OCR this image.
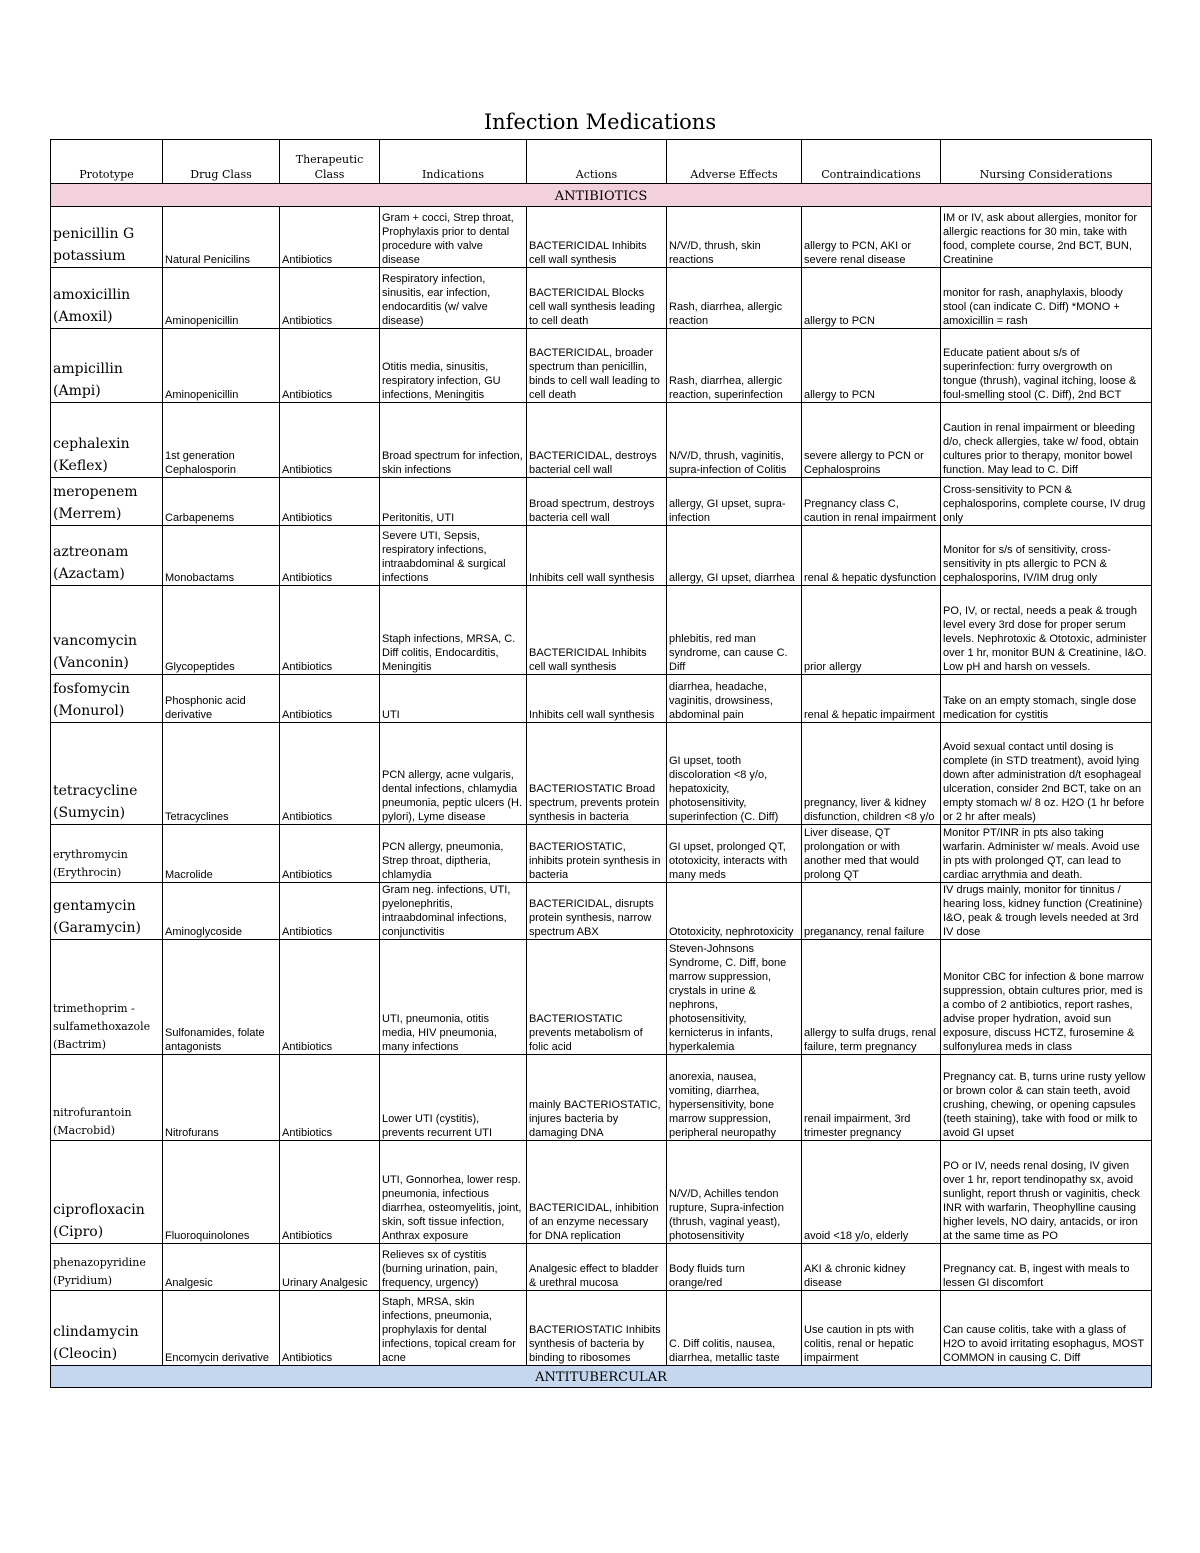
Infection Medications
Prototype	Drug Class	Therapeutic Class	Indications	Actions	Adverse Effects	Contraindications	Nursing Considerations
ANTIBIOTICS							
penicillin G potassium	Natural Penicilins	Antibiotics	Gram + cocci, Strep throat, Prophylaxis prior to dental procedure with valve disease	BACTERICIDAL Inhibits cell wall synthesis	N/V/D, thrush, skin reactions	allergy to PCN, AKI or severe renal disease	IM or IV, ask about allergies, monitor for allergic reactions for 30 min, take with food, complete course, 2nd BCT, BUN, Creatinine
amoxicillin (Amoxil)	Aminopenicillin	Antibiotics	Respiratory infection, sinusitis, ear infection, endocarditis (w/ valve disease)	BACTERICIDAL Blocks cell wall synthesis leading to cell death	Rash, diarrhea, allergic reaction	allergy to PCN	monitor for rash, anaphylaxis, bloody stool (can indicate C. Diff) *MONO + amoxicillin = rash
ampicillin (Ampi)	Aminopenicillin	Antibiotics	Otitis media, sinusitis, respiratory infection, GU infections, Meningitis	BACTERICIDAL, broader spectrum than penicillin, binds to cell wall leading to cell death	Rash, diarrhea, allergic reaction, superinfection	allergy to PCN	Educate patient about s/s of superinfection: furry overgrowth on tongue (thrush), vaginal itching, loose & foul-smelling stool (C. Diff), 2nd BCT
cephalexin (Keflex)	1st generation Cephalosporin	Antibiotics	Broad spectrum for infection, skin infections	BACTERICIDAL, destroys bacterial cell wall	N/V/D, thrush, vaginitis, supra-infection of Colitis	severe allergy to PCN or Cephalosproins	Caution in renal impairment or bleeding d/o, check allergies, take w/ food, obtain cultures prior to therapy, monitor bowel function. May lead to C. Diff
meropenem (Merrem)	Carbapenems	Antibiotics	Peritonitis, UTI	Broad spectrum, destroys bacteria cell wall	allergy, GI upset, supra-infection	Pregnancy class C, caution in renal impairment	Cross-sensitivity to PCN & cephalosporins, complete course, IV drug only
aztreonam (Azactam)	Monobactams	Antibiotics	Severe UTI, Sepsis, respiratory infections, intraabdominal & surgical infections	Inhibits cell wall synthesis	allergy, GI upset, diarrhea	renal & hepatic dysfunction	Monitor for s/s of sensitivity, cross-sensitivity in pts allergic to PCN & cephalosporins, IV/IM drug only
vancomycin (Vanconin)	Glycopeptides	Antibiotics	Staph infections, MRSA, C. Diff colitis, Endocarditis, Meningitis	BACTERICIDAL Inhibits cell wall synthesis	phlebitis, red man syndrome, can cause C. Diff	prior allergy	PO, IV, or rectal, needs a peak & trough level every 3rd dose for proper serum levels. Nephrotoxic & Ototoxic, administer over 1 hr, monitor BUN & Creatinine, I&O. Low pH and harsh on vessels.
fosfomycin (Monurol)	Phosphonic acid derivative	Antibiotics	UTI	Inhibits cell wall synthesis	diarrhea, headache, vaginitis, drowsiness, abdominal pain	renal & hepatic impairment	Take on an empty stomach, single dose medication for cystitis
tetracycline (Sumycin)	Tetracyclines	Antibiotics	PCN allergy, acne vulgaris, dental infections, chlamydia pneumonia, peptic ulcers (H. pylori), Lyme disease	BACTERIOSTATIC Broad spectrum, prevents protein synthesis in bacteria	GI upset, tooth discoloration <8 y/o, hepatoxicity, photosensitivity, superinfection (C. Diff)	pregnancy, liver & kidney disfunction, children <8 y/o	Avoid sexual contact until dosing is complete (in STD treatment), avoid lying down after administration d/t esophageal ulceration, consider 2nd BCT, take on an empty stomach w/ 8 oz. H2O (1 hr before or 2 hr after meals)
erythromycin (Erythrocin)	Macrolide	Antibiotics	PCN allergy, pneumonia, Strep throat, diptheria, chlamydia	BACTERIOSTATIC, inhibits protein synthesis in bacteria	GI upset, prolonged QT, ototoxicity, interacts with many meds	Liver disease, QT prolongation or with another med that would prolong QT	Monitor PT/INR in pts also taking warfarin. Administer w/ meals. Avoid use in pts with prolonged QT, can lead to cardiac arrythmia and death.
gentamycin (Garamycin)	Aminoglycoside	Antibiotics	Gram neg. infections, UTI, pyelonephritis, intraabdominal infections, conjunctivitis	BACTERICIDAL, disrupts protein synthesis, narrow spectrum ABX	Ototoxicity, nephrotoxicity	preganancy, renal failure	IV drugs mainly, monitor for tinnitus / hearing loss, kidney function (Creatinine) I&O, peak & trough levels needed at 3rd IV dose
trimethoprim - sulfamethoxazole (Bactrim)	Sulfonamides, folate antagonists	Antibiotics	UTI, pneumonia, otitis media, HIV pneumonia, many infections	BACTERIOSTATIC prevents metabolism of folic acid	Steven-Johnsons Syndrome, C. Diff, bone marrow suppression, crystals in urine & nephrons, photosensitivity, kernicterus in infants, hyperkalemia	allergy to sulfa drugs, renal failure, term pregnancy	Monitor CBC for infection & bone marrow suppression, obtain cultures prior, med is a combo of 2 antibiotics, report rashes, advise proper hydration, avoid sun exposure, discuss HCTZ, furosemine & sulfonylurea meds in class
nitrofurantoin (Macrobid)	Nitrofurans	Antibiotics	Lower UTI (cystitis), prevents recurrent UTI	mainly BACTERIOSTATIC, injures bacteria by damaging DNA	anorexia, nausea, vomiting, diarrhea, hypersensitivity, bone marrow suppression, peripheral neuropathy	renail impairment, 3rd trimester pregnancy	Pregnancy cat. B, turns urine rusty yellow or brown color & can stain teeth, avoid crushing, chewing, or opening capsules (teeth staining), take with food or milk to avoid GI upset
ciprofloxacin (Cipro)	Fluoroquinolones	Antibiotics	UTI, Gonnorhea, lower resp. pneumonia, infectious diarrhea, osteomyelitis, joint, skin, soft tissue infection, Anthrax exposure	BACTERICIDAL, inhibition of an enzyme necessary for DNA replication	N/V/D, Achilles tendon rupture, Supra-infection (thrush, vaginal yeast), photosensitivity	avoid <18 y/o, elderly	PO or IV, needs renal dosing, IV given over 1 hr, report tendinopathy sx, avoid sunlight, report thrush or vaginitis, check INR with warfarin, Theophylline causing higher levels, NO dairy, antacids, or iron at the same time as PO
phenazopyridine (Pyridium)	Analgesic	Urinary Analgesic	Relieves sx of cystitis (burning urination, pain, frequency, urgency)	Analgesic effect to bladder & urethral mucosa	Body fluids turn orange/red	AKI & chronic kidney disease	Pregnancy cat. B, ingest with meals to lessen GI discomfort
clindamycin (Cleocin)	Encomycin derivative	Antibiotics	Staph, MRSA, skin infections, pneumonia, prophylaxis for dental infections, topical cream for acne	BACTERIOSTATIC Inhibits synthesis of bacteria by binding to ribosomes	C. Diff colitis, nausea, diarrhea, metallic taste	Use caution in pts with colitis, renal or hepatic impairment	Can cause colitis, take with a glass of H2O to avoid irritating esophagus, MOST COMMON in causing C. Diff
ANTITUBERCULAR							
